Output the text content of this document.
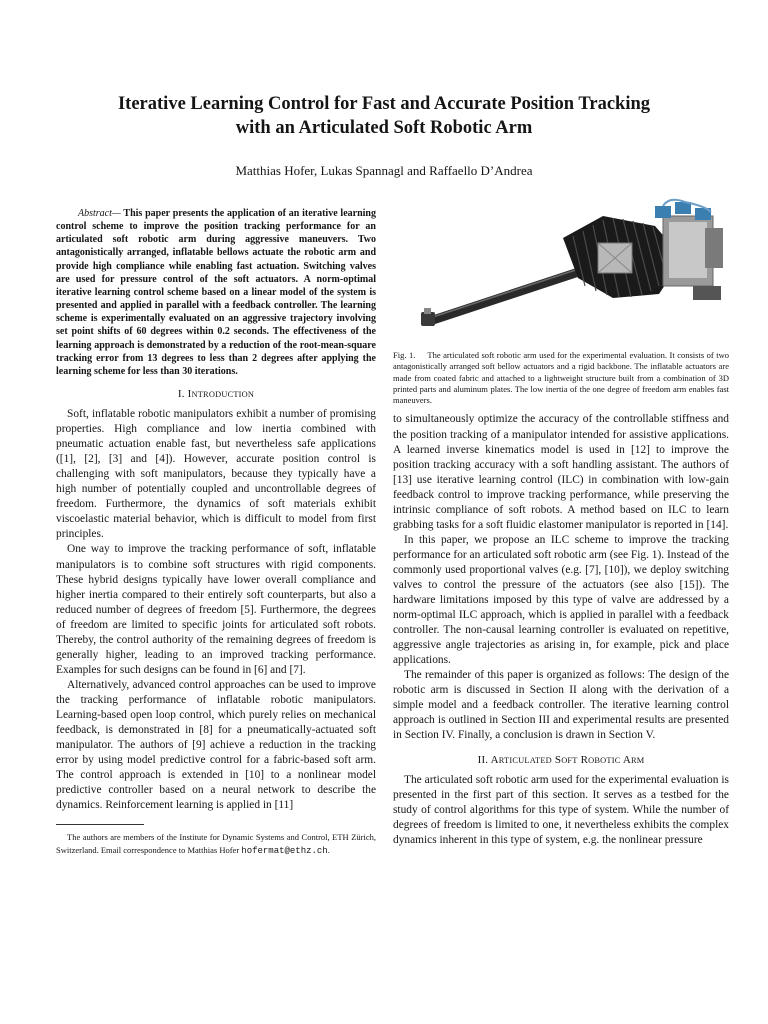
Iterative Learning Control for Fast and Accurate Position Tracking
with an Articulated Soft Robotic Arm
Matthias Hofer, Lukas Spannagl and Raffaello D’Andrea

Abstract— This paper presents the application of an iterative learning control scheme to improve the position tracking performance for an articulated soft robotic arm during aggressive maneuvers. Two antagonistically arranged, inflatable bellows actuate the robotic arm and provide high compliance while enabling fast actuation. Switching valves are used for pressure control of the soft actuators. A norm-optimal iterative learning control scheme based on a linear model of the system is presented and applied in parallel with a feedback controller. The learning scheme is experimentally evaluated on an aggressive trajectory involving set point shifts of 60 degrees within 0.2 seconds. The effectiveness of the learning approach is demonstrated by a reduction of the root-mean-square tracking error from 13 degrees to less than 2 degrees after applying the learning scheme for less than 30 iterations.

I. INTRODUCTION

Soft, inflatable robotic manipulators exhibit a number of promising properties. High compliance and low inertia combined with pneumatic actuation enable fast, but nevertheless safe applications ([1], [2], [3] and [4]). However, accurate position control is challenging with soft manipulators, because they typically have a high number of potentially coupled and uncontrollable degrees of freedom. Furthermore, the dynamics of soft materials exhibit viscoelastic material behavior, which is difficult to model from first principles.

One way to improve the tracking performance of soft, inflatable manipulators is to combine soft structures with rigid components. These hybrid designs typically have lower overall compliance and higher inertia compared to their entirely soft counterparts, but also a reduced number of degrees of freedom [5]. Furthermore, the degrees of freedom are limited to specific joints for articulated soft robots. Thereby, the control authority of the remaining degrees of freedom is generally higher, leading to an improved tracking performance. Examples for such designs can be found in [6] and [7].

Alternatively, advanced control approaches can be used to improve the tracking performance of inflatable robotic manipulators. Learning-based open loop control, which purely relies on mechanical feedback, is demonstrated in [8] for a pneumatically-actuated soft manipulator. The authors of [9] achieve a reduction in the tracking error by using model predictive control for a fabric-based soft arm. The control approach is extended in [10] to a nonlinear model predictive controller based on a neural network to describe the dynamics. Reinforcement learning is applied in [11]

The authors are members of the Institute for Dynamic Systems and Control, ETH Zürich, Switzerland. Email correspondence to Matthias Hofer hofermat@ethz.ch.

Fig. 1. The articulated soft robotic arm used for the experimental evaluation. It consists of two antagonistically arranged soft bellow actuators and a rigid backbone. The inflatable actuators are made from coated fabric and attached to a lightweight structure built from a combination of 3D printed parts and aluminum plates. The low inertia of the one degree of freedom arm enables fast maneuvers.

to simultaneously optimize the accuracy of the controllable stiffness and the position tracking of a manipulator intended for assistive applications. A learned inverse kinematics model is used in [12] to improve the position tracking accuracy with a soft handling assistant. The authors of [13] use iterative learning control (ILC) in combination with low-gain feedback control to improve tracking performance, while preserving the intrinsic compliance of soft robots. A method based on ILC to learn grabbing tasks for a soft fluidic elastomer manipulator is reported in [14].

In this paper, we propose an ILC scheme to improve the tracking performance for an articulated soft robotic arm (see Fig. 1). Instead of the commonly used proportional valves (e.g. [7], [10]), we deploy switching valves to control the pressure of the actuators (see also [15]). The hardware limitations imposed by this type of valve are addressed by a norm-optimal ILC approach, which is applied in parallel with a feedback controller. The non-causal learning controller is evaluated on repetitive, aggressive angle trajectories as arising in, for example, pick and place applications.

The remainder of this paper is organized as follows: The design of the robotic arm is discussed in Section II along with the derivation of a simple model and a feedback controller. The iterative learning control approach is outlined in Section III and experimental results are presented in Section IV. Finally, a conclusion is drawn in Section V.

II. ARTICULATED SOFT ROBOTIC ARM

The articulated soft robotic arm used for the experimental evaluation is presented in the first part of this section. It serves as a testbed for the study of control algorithms for this type of system. While the number of degrees of freedom is limited to one, it nevertheless exhibits the complex dynamics inherent in this type of system, e.g. the nonlinear pressure
